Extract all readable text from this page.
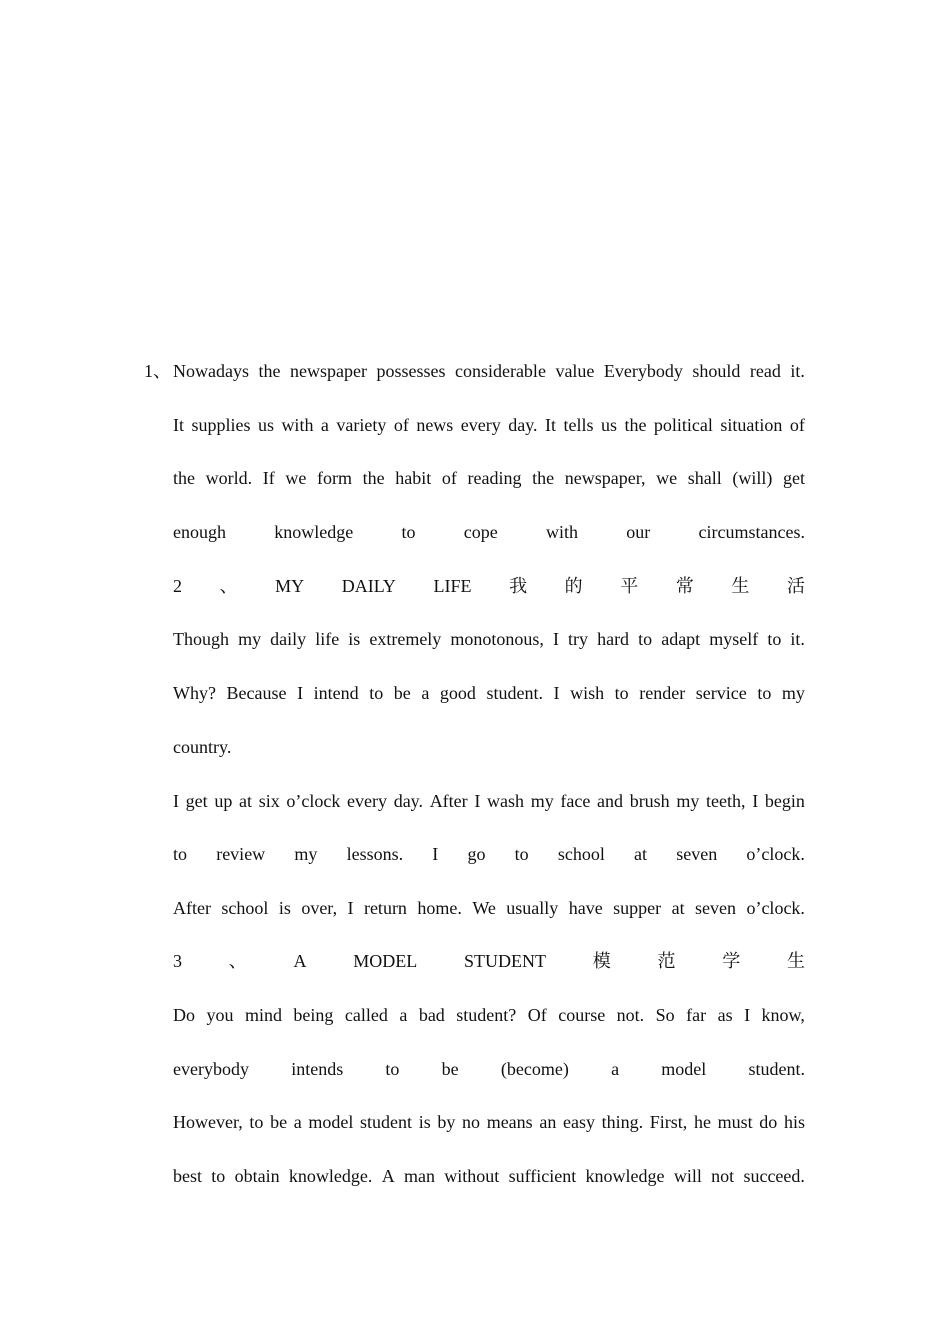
1、 Nowadays the newspaper possesses considerable value Everybody should read it.
It supplies us with a variety of news every day. It tells us the political situation of
the world. If we form the habit of reading the newspaper, we shall (will) get
enough	knowledge	to	cope	with	our	circumstances.
2 、 MY DAILY LIFE 我 的 平 常 生 活
Though my daily life is extremely monotonous, I try hard to adapt myself to it.
Why? Because I intend to be a good student. I wish to render service to my
country.
I get up at six o’clock every day. After I wash my face and brush my teeth, I begin
to review my lessons. I go to school at seven o’clock.
After school is over, I return home. We usually have supper at seven o’clock.
3	、	A	MODEL	STUDENT	模	范	学	生
Do you mind being called a bad student? Of course not. So far as I know,
everybody intends to be (become) a model student.
However, to be a model student is by no means an easy thing. First, he must do his
best to obtain knowledge. A man without sufficient knowledge will not succeed.
